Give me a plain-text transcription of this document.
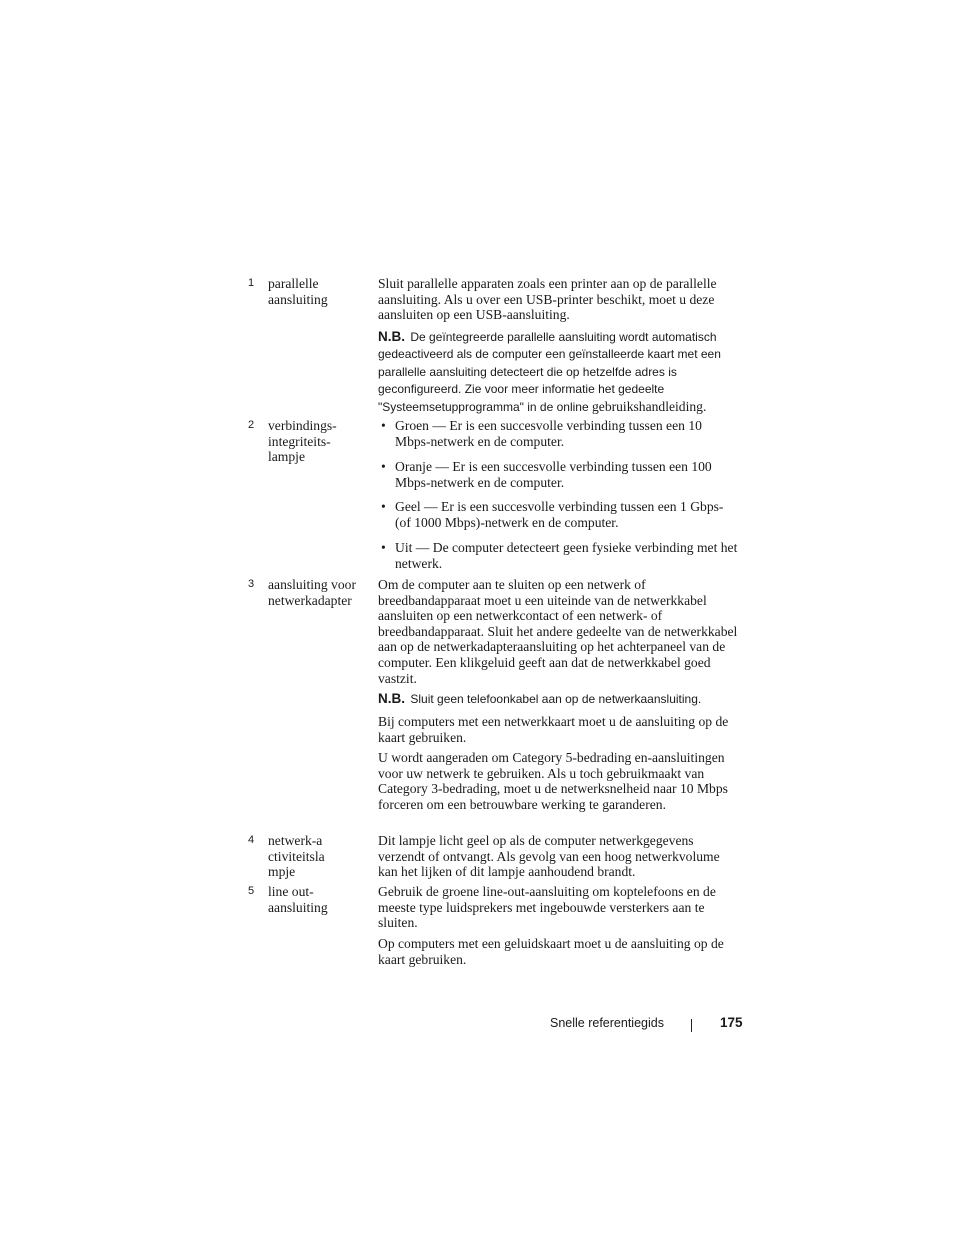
1 parallelle aansluiting

Sluit parallelle apparaten zoals een printer aan op de parallelle aansluiting. Als u over een USB-printer beschikt, moet u deze aansluiten op een USB-aansluiting.

N.B. De geïntegreerde parallelle aansluiting wordt automatisch gedeactiveerd als de computer een geïnstalleerde kaart met een parallelle aansluiting detecteert die op hetzelfde adres is geconfigureerd. Zie voor meer informatie het gedeelte "Systeemsetupprogramma" in de online gebruikshandleiding.
2 verbindings-integriteits-lampje
• Groen — Er is een succesvolle verbinding tussen een 10 Mbps-netwerk en de computer.
• Oranje — Er is een succesvolle verbinding tussen een 100 Mbps-netwerk en de computer.
• Geel — Er is een succesvolle verbinding tussen een 1 Gbps- (of 1000 Mbps)-netwerk en de computer.
• Uit — De computer detecteert geen fysieke verbinding met het netwerk.
3 aansluiting voor netwerkadapter

Om de computer aan te sluiten op een netwerk of breedbandapparaat moet u een uiteinde van de netwerkkabel aansluiten op een netwerkcontact of een netwerk- of breedbandapparaat. Sluit het andere gedeelte van de netwerkkabel aan op de netwerkadapteraansluiting op het achterpaneel van de computer. Een klikgeluid geeft aan dat de netwerkkabel goed vastzit.

N.B. Sluit geen telefoonkabel aan op de netwerkaansluiting.

Bij computers met een netwerkkaart moet u de aansluiting op de kaart gebruiken.

U wordt aangeraden om Category 5-bedrading en-aansluitingen voor uw netwerk te gebruiken. Als u toch gebruikmaakt van Category 3-bedrading, moet u de netwerksnelheid naar 10 Mbps forceren om een betrouwbare werking te garanderen.

4 netwerk-activiteitslampje

Dit lampje licht geel op als de computer netwerkgegevens verzendt of ontvangt. Als gevolg van een hoog netwerkvolume kan het lijken of dit lampje aanhoudend brandt.

5 line out-aansluiting

Gebruik de groene line-out-aansluiting om koptelefoons en de meeste type luidsprekers met ingebouwde versterkers aan te sluiten.

Op computers met een geluidskaart moet u de aansluiting op de kaart gebruiken.

Snelle referentiegids	175
